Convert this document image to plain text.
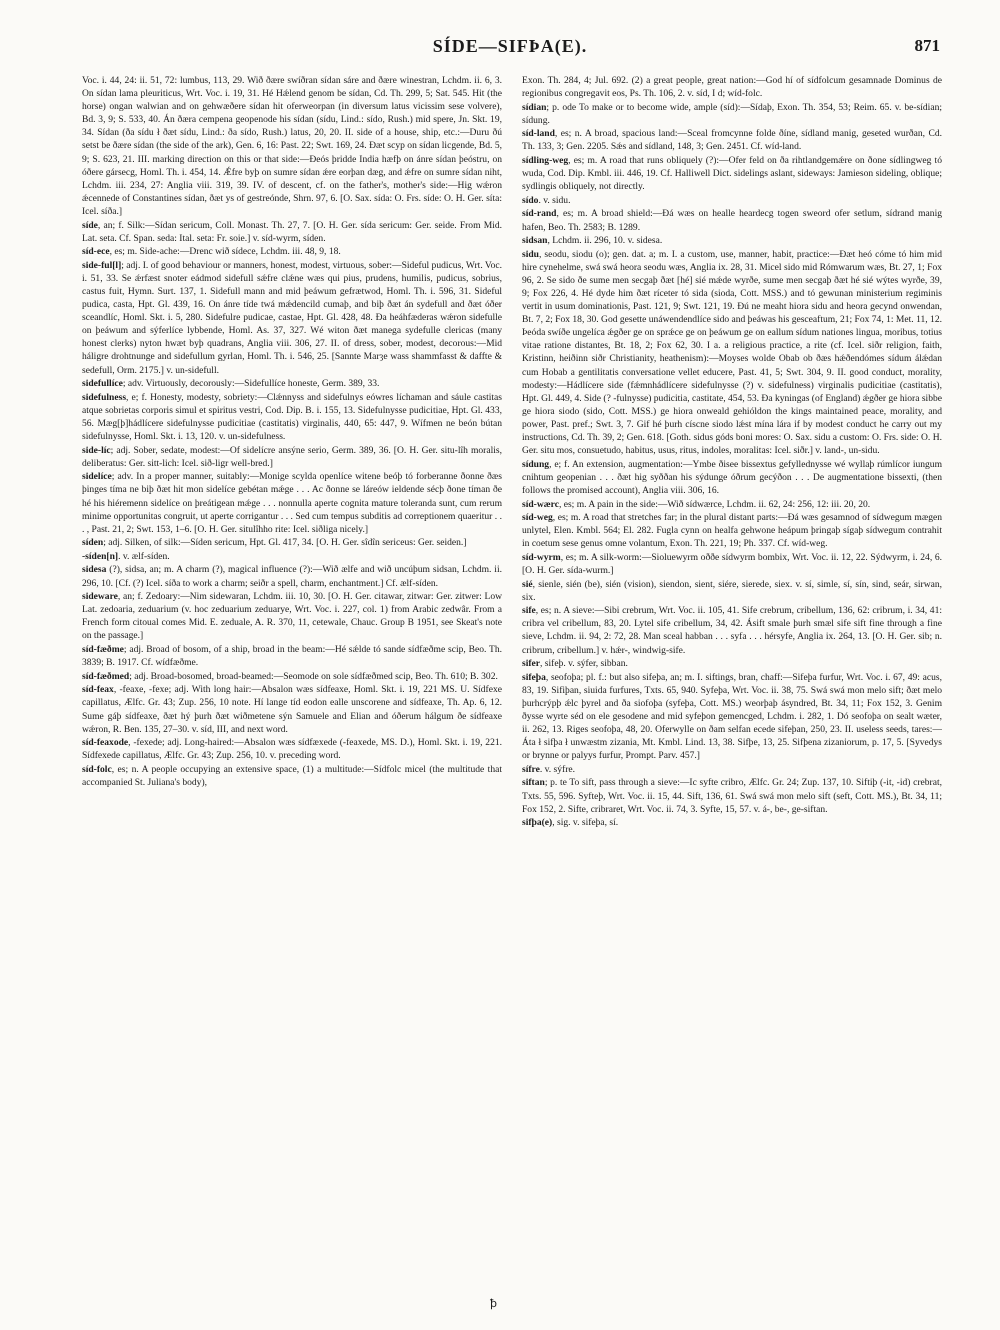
SÍDE—SIFÞA(E).	871

Voc. i. 44, 24: ii. 51, 72: lumbus, 113, 29. Wið ðære swíðran sídan sáre and ðære winestran, Lchdm. ii. 6, 3. On sídan lama pleuriticus, Wrt. Voc. i. 19, 31. Hé Hǽlend genom be sídan, Cd. Th. 299, 5; Sat. 545. Hit (the horse) ongan walwian and on gehwæðere sídan hit oferweorpan (in diversum latus vicissim sese volvere), Bd. 3, 9; S. 533, 40. Án ðæra cempena geopenode his sídan (sídu, Lind.: sído, Rush.) mid spere, Jn. Skt. 19, 34. Sídan (ða sídu ł ðæt sídu, Lind.: ða sído, Rush.) latus, 20, 20. II. side of a house, ship, etc.:—Duru ðú setst be ðære sídan (the side of the ark), Gen. 6, 16: Past. 22; Swt. 169, 24. Ðæt scyp on sídan licgende, Bd. 5, 9; S. 623, 21. III. marking direction on this or that side:—Ðeós þridde India hæfþ on ánre sídan þeóstru, on óðere gársecg, Homl. Th. i. 454, 14. Ǽfre byþ on sumre sídan ǽre eorþan dæg, and ǽfre on sumre sídan niht, Lchdm. iii. 234, 27: Anglia viii. 319, 39. IV. of descent, cf. on the father's, mother's side:—Hig wǽron ǽcennede of Constantines sídan, ðæt ys of gestreónde, Shrn. 97, 6. [O. Sax. sída: O. Frs. síde: O. H. Ger. síta: Icel. síða.]

síde, an; f. Silk:—Sídan sericum, Coll. Monast. Th. 27, 7. [O. H. Ger. sída sericum: Ger. seide. From Mid. Lat. seta. Cf. Span. seda: Ital. seta: Fr. soie.] v. síd-wyrm, síden.

síd-ece, es; m. Side-ache:—Drenc wið sídece, Lchdm. iii. 48, 9, 18.

side-ful[l]; adj. I. of good behaviour or manners, honest, modest, virtuous, sober:—Sideful pudicus, Wrt. Voc. i. 51, 33. Se ǽrfæst snoter eádmod sidefull sǽfre clǽne wæs qui pius, prudens, humilis, pudicus, sobrius, castus fuit, Hymn. Surt. 137, 1. Sidefull mann and mid þeáwum gefrætwod, Homl. Th. i. 596, 31. Sideful pudica, casta, Hpt. Gl. 439, 16. On ánre tíde twá mǽdencild cumaþ, and biþ ðæt án sydefull and ðæt óðer sceandlíc, Homl. Skt. i. 5, 280. Sidefulre pudicae, castae, Hpt. Gl. 428, 48. Ða heáhfæderas wǽron sidefulle on þeáwum and sýferlíce lybbende, Homl. As. 37, 327. Wé witon ðæt manega sydefulle clericas (many honest clerks) nyton hwæt byþ quadrans, Anglia viii. 306, 27. II. of dress, sober, modest, decorous:—Mid háligre drohtnunge and sidefullum gyrlan, Homl. Th. i. 546, 25. [Sannte Marȝe wass shammfasst & daffte & sedefull, Orm. 2175.] v. un-sidefull.

sidefullíce; adv. Virtuously, decorously:—Sidefullíce honeste, Germ. 389, 33.

sidefulness, e; f. Honesty, modesty, sobriety:—Clǽnnyss and sidefulnys eówres líchaman and sáule castitas atque sobrietas corporis simul et spiritus vestri, Cod. Dip. B. i. 155, 13. Sidefulnysse pudicitiae, Hpt. Gl. 433, 56. Mæg[þ]hádlícere sidefulnysse pudicitiae (castitatis) virginalis, 440, 65: 447, 9. Wífmen ne beón bútan sidefulnysse, Homl. Skt. i. 13, 120. v. un-sidefulness.

side-líc; adj. Sober, sedate, modest:—Of sidelícre ansýne serio, Germ. 389, 36. [O. H. Ger. situ-lîh moralis, deliberatus: Ger. sitt-lich: Icel. sið-ligr well-bred.]

sidelíce; adv. In a proper manner, suitably:—Monige scylda openlíce witene beóþ tó forberanne ðonne ðæs þinges tíma ne biþ ðæt hit mon sidelíce gebétan mǽge . . . Ac ðonne se láreów ieldende sécþ ðone tíman ðe hé his hiéremenn sidelíce on þreátigean mǽge . . . nonnulla aperte cognita mature toleranda sunt, cum rerum minime opportunitas congruit, ut aperte corrigantur . . . Sed cum tempus subditis ad correptionem quaeritur . . . , Past. 21, 2; Swt. 153, 1–6. [O. H. Ger. situlîhho rite: Icel. siðliga nicely.]

síden; adj. Silken, of silk:—Síden sericum, Hpt. Gl. 417, 34. [O. H. Ger. sîdîn sericeus: Ger. seiden.]

-síden[n]. v. ælf-síden.

sidesa (?), sidsa, an; m. A charm (?), magical influence (?):—Wið ælfe and wið uncúþum sidsan, Lchdm. ii. 296, 10. [Cf. (?) Icel. síða to work a charm; seiðr a spell, charm, enchantment.] Cf. ælf-síden.

sideware, an; f. Zedoary:—Nim sidewaran, Lchdm. iii. 10, 30. [O. H. Ger. citawar, zitwar: Ger. zitwer: Low Lat. zedoaria, zeduarium (v. hoc zeduarium zeduarye, Wrt. Voc. i. 227, col. 1) from Arabic zedwâr. From a French form citoual comes Mid. E. zeduale, A. R. 370, 11, cetewale, Chauc. Group B 1951, see Skeat's note on the passage.]

síd-fæðme; adj. Broad of bosom, of a ship, broad in the beam:—Hé sǽlde tó sande sídfæðme scip, Beo. Th. 3839; B. 1917. Cf. wídfæðme.

síd-fæðmed; adj. Broad-bosomed, broad-beamed:—Seomode on sole sídfæðmed scip, Beo. Th. 610; B. 302.

síd-feax, -feaxe, -fexe; adj. With long hair:—Absalon wæs sídfeaxe, Homl. Skt. i. 19, 221 MS. U. Sídfexe capillatus, Ælfc. Gr. 43; Zup. 256, 10 note. Hí lange tíd eodon ealle unscorene and sídfeaxe, Th. Ap. 6, 12. Sume gáþ sídfeaxe, ðæt hý þurh ðæt wiðmetene sýn Samuele and Elian and óðerum hálgum ðe sídfeaxe wǽron, R. Ben. 135, 27–30. v. síd, III, and next word.

síd-feaxode, -fexede; adj. Long-haired:—Absalon wæs sídfæxede (-feaxede, MS. D.), Homl. Skt. i. 19, 221. Sídfexede capillatus, Ælfc. Gr. 43; Zup. 256, 10. v. preceding word.

síd-folc, es; n. A people occupying an extensive space, (1) a multitude:—Sídfolc micel (the multitude that accompanied St. Juliana's body),

Exon. Th. 284, 4; Jul. 692. (2) a great people, great nation:—God hí of sídfolcum gesamnade Dominus de regionibus congregavit eos, Ps. Th. 106, 2. v. síd, I d; wíd-folc.

sídian; p. ode To make or to become wide, ample (síd):—Sídaþ, Exon. Th. 354, 53; Reim. 65. v. be-sídian; sídung.

síd-land, es; n. A broad, spacious land:—Sceal fromcynne folde ðíne, sídland manig, geseted wurðan, Cd. Th. 133, 3; Gen. 2205. Sǽs and sídland, 148, 3; Gen. 2451. Cf. wíd-land.

sídling-weg, es; m. A road that runs obliquely (?):—Ofer feld on ða rihtlandgemǽre on ðone sídlingweg tó wuda, Cod. Dip. Kmbl. iii. 446, 19. Cf. Halliwell Dict. sidelings aslant, sideways: Jamieson sideling, oblique; sydlingis obliquely, not directly.

sído. v. sidu.

síd-rand, es; m. A broad shield:—Ðá wæs on healle heardecg togen sweord ofer setlum, sídrand manig hafen, Beo. Th. 2583; B. 1289.

sidsan, Lchdm. ii. 296, 10. v. sidesa.

sidu, seodu, siodu (o); gen. dat. a; m. I. a custom, use, manner, habit, practice:—Ðæt heó cóme tó him mid hire cynehelme, swá swá heora seodu wæs, Anglia ix. 28, 31. Micel sido mid Rómwarum wæs, Bt. 27, 1; Fox 96, 2. Se sido ðe sume men secgaþ ðæt [hé] sié mǽde wyrðe, sume men secgaþ ðæt hé sié wýtes wyrðe, 39, 9; Fox 226, 4. Hé dyde him ðæt ríceter tó sida (sioda, Cott. MSS.) and tó gewunan ministerium regiminis vertit in usum dominationis, Past. 121, 9; Swt. 121, 19. Ðú ne meaht hiora sidu and heora gecynd onwendan, Bt. 7, 2; Fox 18, 30. God gesette unáwendendlíce sido and þeáwas his gesceaftum, 21; Fox 74, 1: Met. 11, 12. Þeóda swíðe ungelíca ǽgðer ge on sprǽce ge on þeáwum ge on eallum sídum nationes lingua, moribus, totius vitae ratione distantes, Bt. 18, 2; Fox 62, 30. I a. a religious practice, a rite (cf. Icel. siðr religion, faith, Kristinn, heiðinn siðr Christianity, heathenism):—Moyses wolde Obab ob ðæs hǽðendómes sídum álǽdan cum Hobab a gentilitatis conversatione vellet educere, Past. 41, 5; Swt. 304, 9. II. good conduct, morality, modesty:—Hádlícere side (fǽmnhádlícere sidefulnysse (?) v. sidefulness) virginalis pudicitiae (castitatis), Hpt. Gl. 449, 4. Side (? -fulnysse) pudicitia, castitate, 454, 53. Ða kyningas (of England) ǽgðer ge hiora sibbe ge hiora siodo (sido, Cott. MSS.) ge hiora onweald gehióldon the kings maintained peace, morality, and power, Past. pref.; Swt. 3, 7. Gif hé þurh císcne siodo lǽst mína lára if by modest conduct he carry out my instructions, Cd. Th. 39, 2; Gen. 618. [Goth. sidus góds boni mores: O. Sax. sidu a custom: O. Frs. side: O. H. Ger. situ mos, consuetudo, habitus, usus, ritus, indoles, moralitas: Icel. siðr.] v. land-, un-sidu.

sídung, e; f. An extension, augmentation:—Ymbe ðisee bissextus gefyllednysse wé wyllaþ rúmlícor iungum cnihtum geopenian . . . ðæt hig syððan his sýdunge óðrum gecýðon . . . De augmentatione bissexti, (then follows the promised account), Anglia viii. 306, 16.

síd-wærc, es; m. A pain in the side:—Wið sídwærce, Lchdm. ii. 62, 24: 256, 12: iii. 20, 20.

síd-weg, es; m. A road that stretches far; in the plural distant parts:—Ðá wæs gesamnod of sídwegum mægen unlytel, Elen. Kmbl. 564; El. 282. Fugla cynn on healfa gehwone heápum þringaþ sígaþ sídwegum contrahit in coetum sese genus omne volantum, Exon. Th. 221, 19; Ph. 337. Cf. wíd-weg.

síd-wyrm, es; m. A silk-worm:—Sioluewyrm oððe sídwyrm bombix, Wrt. Voc. ii. 12, 22. Sýdwyrm, i. 24, 6. [O. H. Ger. sída-wurm.]

sié, sienle, sién (be), sién (vision), siendon, sient, siére, sierede, siex. v. sí, simle, sí, sín, sind, seár, sirwan, six.

sife, es; n. A sieve:—Sibi crebrum, Wrt. Voc. ii. 105, 41. Sife crebrum, cribellum, 136, 62: cribrum, i. 34, 41: cribra vel cribellum, 83, 20. Lytel sife cribellum, 34, 42. Ásift smale þurh smæl sife sift fine through a fine sieve, Lchdm. ii. 94, 2: 72, 28. Man sceal habban . . . syfa . . . hérsyfe, Anglia ix. 264, 13. [O. H. Ger. sib; n. cribrum, cribellum.] v. hǽr-, windwig-sife.

sifer, sifeþ. v. sýfer, sibban.

sifeþa, seofoþa; pl. f.: but also sifeþa, an; m. I. siftings, bran, chaff:—Sifeþa furfur, Wrt. Voc. i. 67, 49: acus, 83, 19. Sifiþan, siuida furfures, Txts. 65, 940. Syfeþa, Wrt. Voc. ii. 38, 75. Swá swá mon melo sift; ðæt melo þurhcrýpþ ǽlc þyrel and ða siofoþa (syfeþa, Cott. MS.) weorþaþ ásyndred, Bt. 34, 11; Fox 152, 3. Genim ðysse wyrte séd on ele gesodene and mid syfeþon gemencged, Lchdm. i. 282, 1. Dó seofoþa on sealt wæter, ii. 262, 13. Riges seofoþa, 48, 20. Oferwylle on ðam selfan ecede sifeþan, 250, 23. II. useless seeds, tares:—Áta ł sifþa ł unwæstm zizania, Mt. Kmbl. Lind. 13, 38. Sifþe, 13, 25. Sifþena zizaniorum, p. 17, 5. [Syvedys or brynne or palyys furfur, Prompt. Parv. 457.]

sífre. v. sýfre.

siftan; p. te To sift, pass through a sieve:—Ic syfte cribro, Ælfc. Gr. 24; Zup. 137, 10. Siftiþ (-it, -id) crebrat, Txts. 55, 596. Syfteþ, Wrt. Voc. ii. 15, 44. Sift, 136, 61. Swá swá mon melo sift (seft, Cott. MS.), Bt. 34, 11; Fox 152, 2. Sifte, cribraret, Wrt. Voc. ii. 74, 3. Syfte, 15, 57. v. á-, be-, ge-siftan.

sifþa(e), sig. v. sifeþa, sí.

ꝥ
